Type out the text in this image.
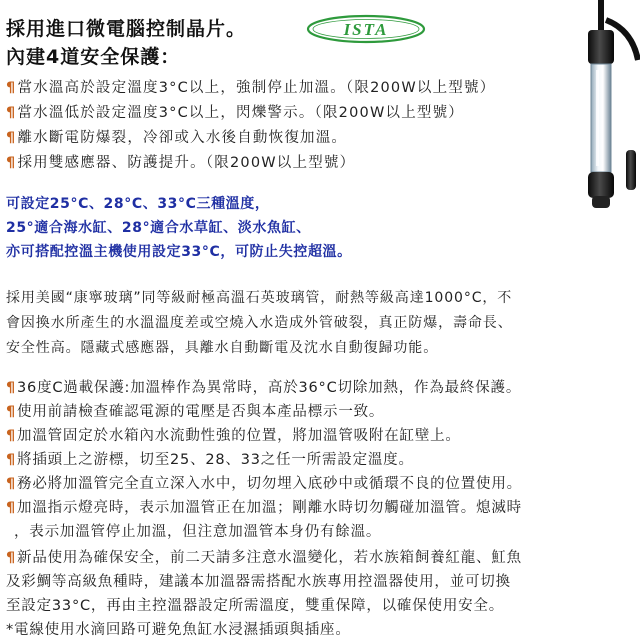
採用進口微電腦控制晶片。
內建4道安全保護：
ISTA
¶當水溫高於設定溫度3°C以上，強制停止加溫。（限200W以上型號）
¶當水溫低於設定溫度3°C以上，閃爍警示。（限200W以上型號）
¶離水斷電防爆裂，冷卻或入水後自動恢復加溫。
¶採用雙感應器、防護提升。（限200W以上型號）
可設定25°C、28°C、33°C三種溫度，
25°適合海水缸、28°適合水草缸、淡水魚缸、
亦可搭配控溫主機使用設定33°C，可防止失控超溫。
採用美國“康寧玻璃”同等級耐極高溫石英玻璃管，耐熱等級高達1000°C，不
會因換水所產生的水溫溫度差或空燒入水造成外管破裂，真正防爆，壽命長、
安全性高。隱藏式感應器，具離水自動斷電及沈水自動復歸功能。
¶36度C過載保護:加溫棒作為異常時，高於36°C切除加熱，作為最終保護。
¶使用前請檢查確認電源的電壓是否與本產品標示一致。
¶加溫管固定於水箱內水流動性強的位置，將加溫管吸附在缸壁上。
¶將插頭上之游標，切至25、28、33之任一所需設定溫度。
¶務必將加溫管完全直立深入水中，切勿埋入底砂中或循環不良的位置使用。
¶加溫指示燈亮時，表示加溫管正在加溫；剛離水時切勿觸碰加溫管。熄滅時
，表示加溫管停止加溫，但注意加溫管本身仍有餘溫。
¶新品使用為確保安全，前二天請多注意水溫變化，若水族箱飼養紅龍、魟魚
及彩鯛等高級魚種時，建議本加溫器需搭配水族專用控溫器使用，並可切換
至設定33°C，再由主控溫器設定所需溫度，雙重保障，以確保使用安全。
*電線使用水滴回路可避免魚缸水浸濕插頭與插座。
